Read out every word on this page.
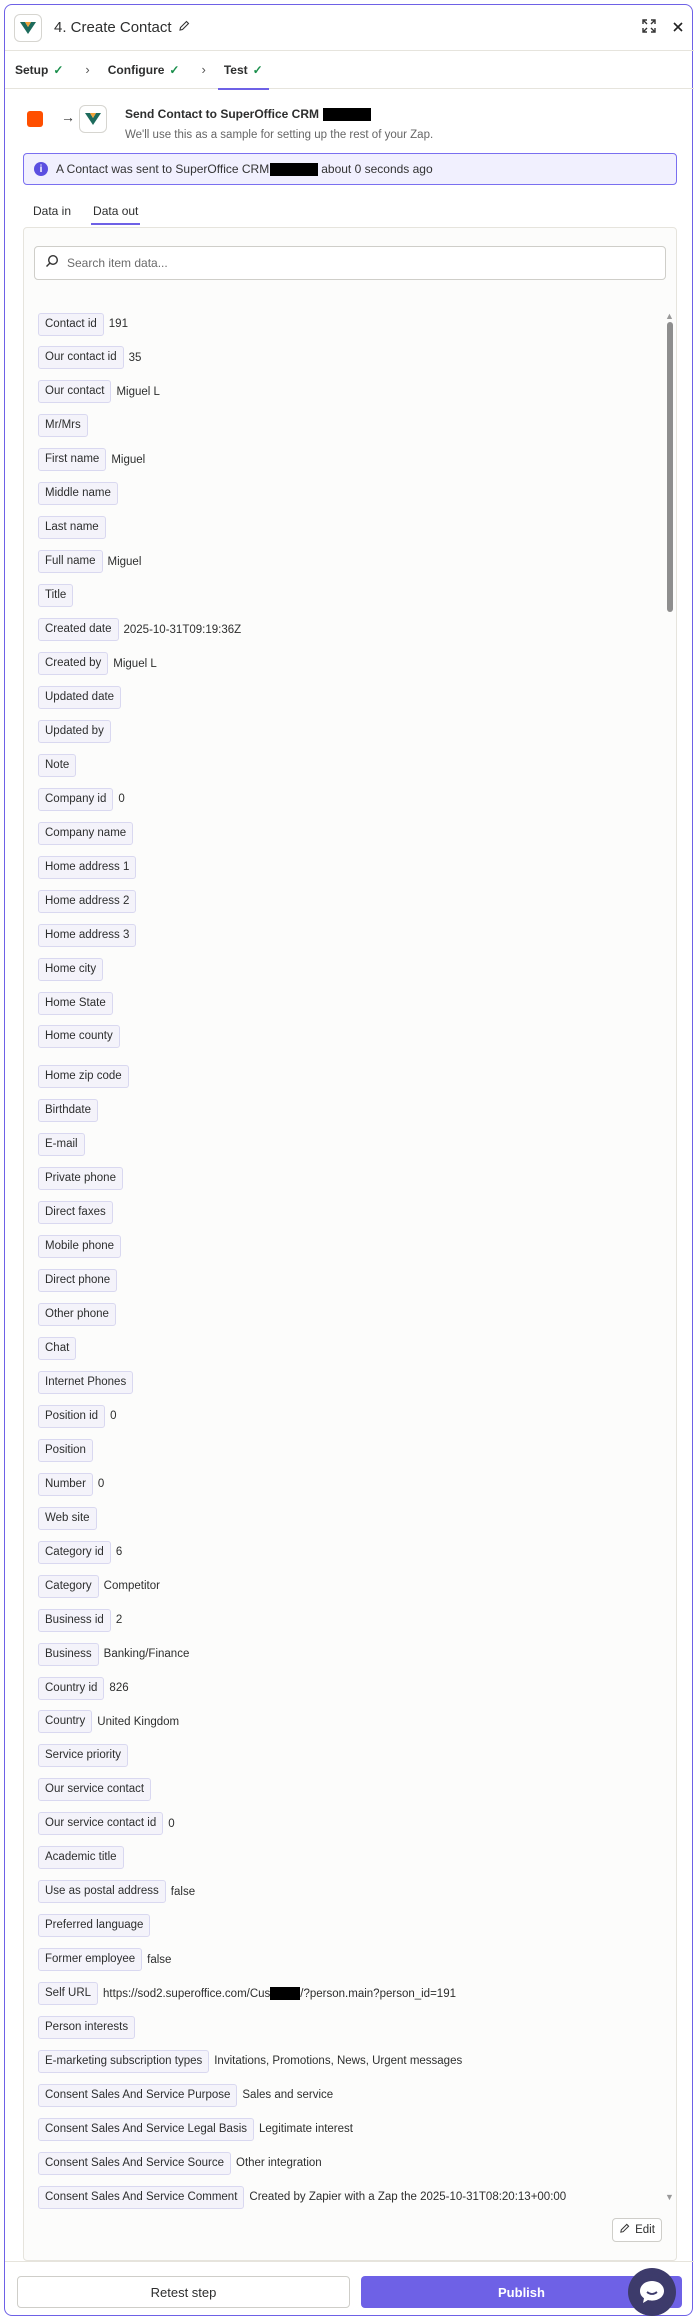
4. Create Contact
Setup ✓ › Configure ✓ › Test ✓
→	Send Contact to SuperOffice CRM
We'll use this as a sample for setting up the rest of your Zap.
i	A Contact was sent to SuperOffice CRM	about 0 seconds ago
Data in Data out
Search item data...
Contact id	191
Our contact id	35
Our contact	Miguel L
Mr/Mrs
First name	Miguel
Middle name
Last name
Full name	Miguel
Title
Created date	2025-10-31T09:19:36Z
Created by	Miguel L
Updated date
Updated by
Note
Company id	0
Company name
Home address 1
Home address 2
Home address 3
Home city
Home State
Home county
Home zip code
Birthdate
E-mail
Private phone
Direct faxes
Mobile phone
Direct phone
Other phone
Chat
Internet Phones
Position id	0
Position
Number	0
Web site
Category id	6
Category	Competitor
Business id	2
Business	Banking/Finance
Country id	826
Country	United Kingdom
Service priority
Our service contact
Our service contact id	0
Academic title
Use as postal address	false
Preferred language
Former employee	false
Self URL	https://sod2.superoffice.com/Cus	/?person.main?person_id=191
Person interests
E-marketing subscription types	Invitations, Promotions, News, Urgent messages
Consent Sales And Service Purpose	Sales and service
Consent Sales And Service Legal Basis	Legitimate interest
Consent Sales And Service Source	Other integration
Consent Sales And Service Comment	Created by Zapier with a Zap the 2025-10-31T08:20:13+00:00
▲
▼
Edit
Retest step	Publish
